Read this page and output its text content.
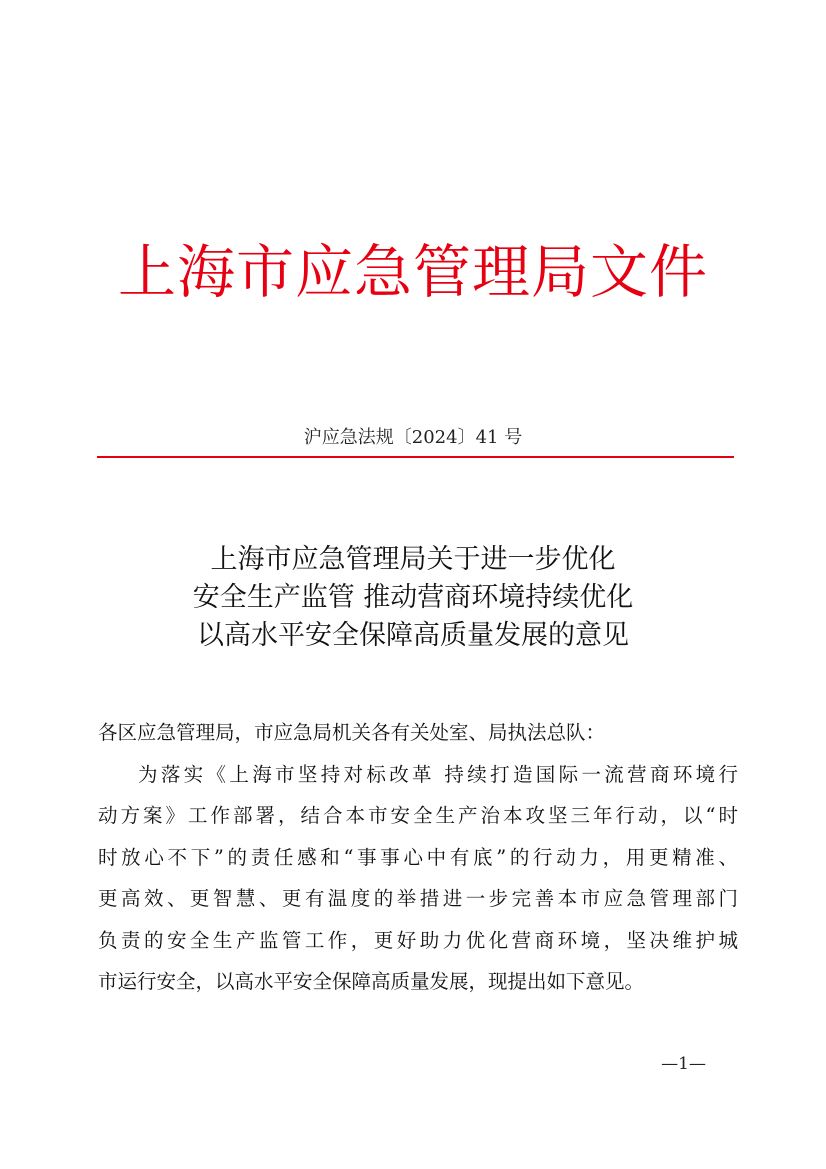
上海市应急管理局文件
沪应急法规〔2024〕41 号
上海市应急管理局关于进一步优化
安全生产监管 推动营商环境持续优化
以高水平安全保障高质量发展的意见
各区应急管理局，市应急局机关各有关处室、局执法总队：
为落实《上海市坚持对标改革 持续打造国际一流营商环境行
动方案》工作部署，结合本市安全生产治本攻坚三年行动，以“时
时放心不下”的责任感和“事事心中有底”的行动力，用更精准、
更高效、更智慧、更有温度的举措进一步完善本市应急管理部门
负责的安全生产监管工作，更好助力优化营商环境，坚决维护城
市运行安全，以高水平安全保障高质量发展，现提出如下意见。
—1—
